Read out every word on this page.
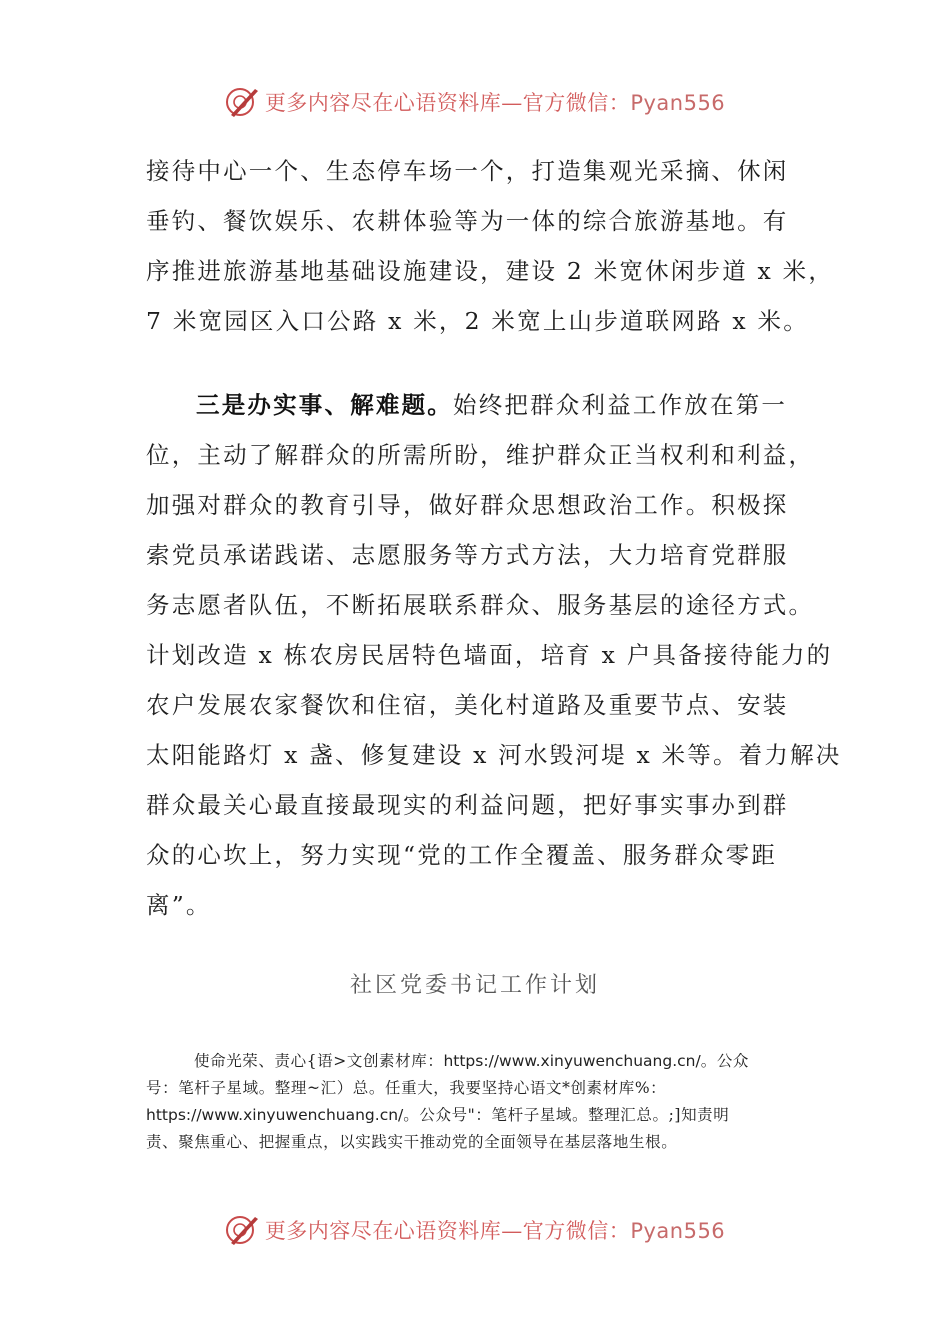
更多内容尽在心语资料库—官方微信：Pyan556
接待中心一个、生态停车场一个，打造集观光采摘、休闲
垂钓、餐饮娱乐、农耕体验等为一体的综合旅游基地。有
序推进旅游基地基础设施建设，建设 2 米宽休闲步道 x 米，
7 米宽园区入口公路 x 米，2 米宽上山步道联网路 x 米。
三是办实事、解难题。始终把群众利益工作放在第一
位，主动了解群众的所需所盼，维护群众正当权利和利益，
加强对群众的教育引导，做好群众思想政治工作。积极探
索党员承诺践诺、志愿服务等方式方法，大力培育党群服
务志愿者队伍，不断拓展联系群众、服务基层的途径方式。
计划改造 x 栋农房民居特色墙面，培育 x 户具备接待能力的
农户发展农家餐饮和住宿，美化村道路及重要节点、安装
太阳能路灯 x 盏、修复建设 x 河水毁河堤 x 米等。着力解决
群众最关心最直接最现实的利益问题，把好事实事办到群
众的心坎上，努力实现“党的工作全覆盖、服务群众零距
离”。
社区党委书记工作计划
使命光荣、责心{语>文创素材库：https://www.xinyuwenchuang.cn/。公众
号：笔杆子星域。整理~汇）总。任重大，我要坚持心语文*创素材库%：
https://www.xinyuwenchuang.cn/。公众号"：笔杆子星域。整理汇总。;]知责明
责、聚焦重心、把握重点，以实践实干推动党的全面领导在基层落地生根。
更多内容尽在心语资料库—官方微信：Pyan556
